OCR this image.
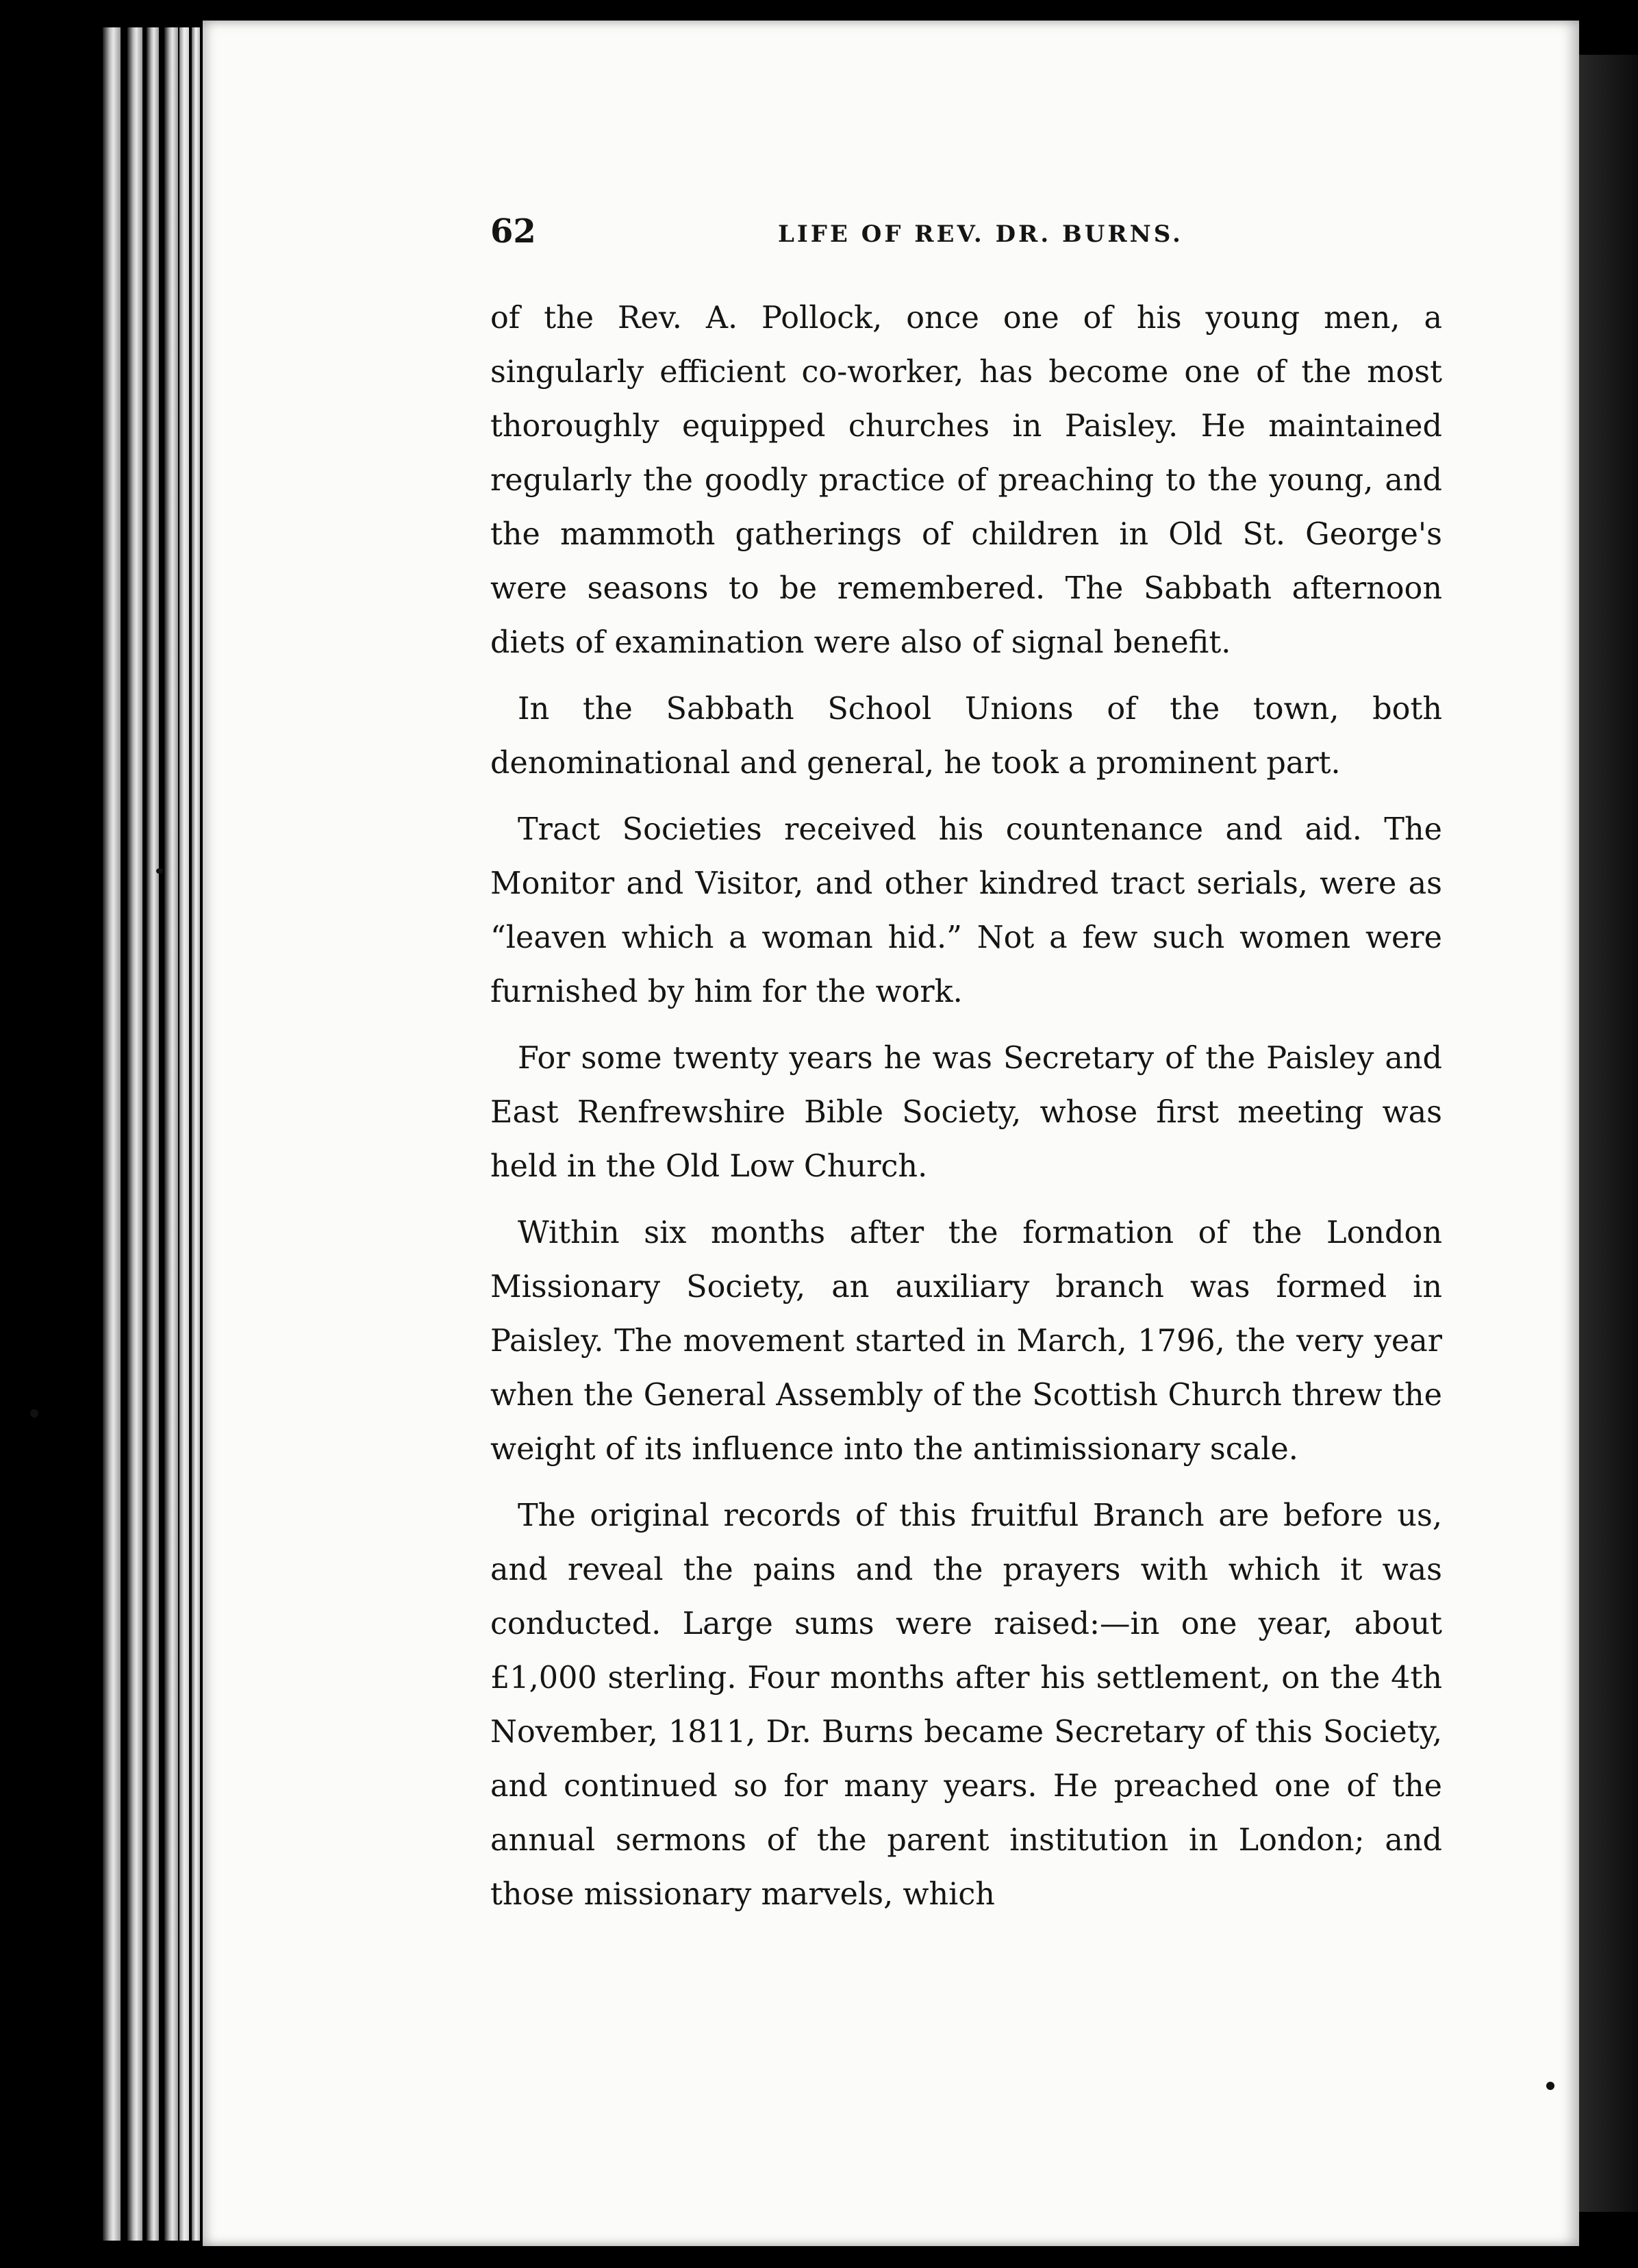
62	LIFE OF REV. DR. BURNS.

of the Rev. A. Pollock, once one of his young men, a singularly efficient co-worker, has become one of the most thoroughly equipped churches in Paisley. He maintained regularly the goodly practice of preaching to the young, and the mammoth gatherings of children in Old St. George's were seasons to be remembered. The Sabbath afternoon diets of examination were also of signal benefit.

In the Sabbath School Unions of the town, both denominational and general, he took a prominent part.

Tract Societies received his countenance and aid. The Monitor and Visitor, and other kindred tract serials, were as “leaven which a woman hid.” Not a few such women were furnished by him for the work.

For some twenty years he was Secretary of the Paisley and East Renfrewshire Bible Society, whose first meeting was held in the Old Low Church.

Within six months after the formation of the London Missionary Society, an auxiliary branch was formed in Paisley. The movement started in March, 1796, the very year when the General Assembly of the Scottish Church threw the weight of its influence into the antimissionary scale.

The original records of this fruitful Branch are before us, and reveal the pains and the prayers with which it was conducted. Large sums were raised:—in one year, about £1,000 sterling. Four months after his settlement, on the 4th November, 1811, Dr. Burns became Secretary of this Society, and continued so for many years. He preached one of the annual sermons of the parent institution in London; and those missionary marvels, which
